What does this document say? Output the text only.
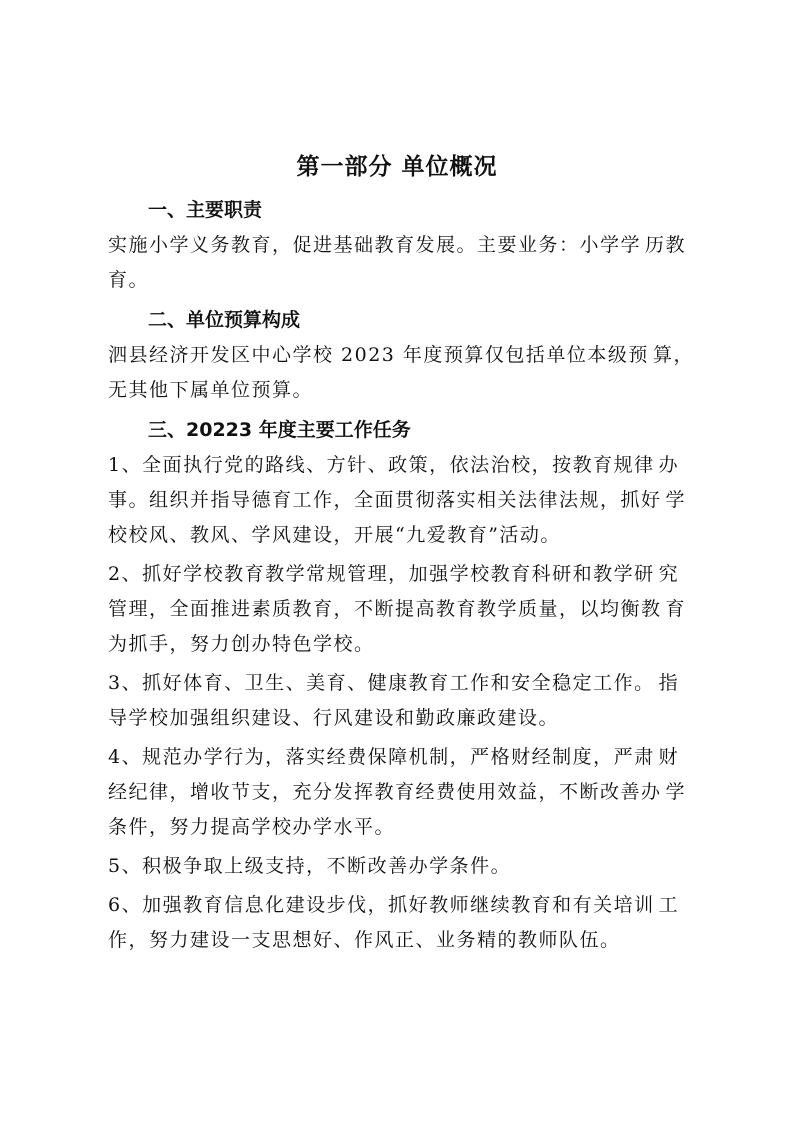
第一部分 单位概况
一、主要职责
实施小学义务教育，促进基础教育发展。主要业务：小学学 历教育。
二、单位预算构成
泗县经济开发区中心学校 2023 年度预算仅包括单位本级预 算，无其他下属单位预算。
三、20223 年度主要工作任务
1、全面执行党的路线、方针、政策，依法治校，按教育规律 办事。组织并指导德育工作，全面贯彻落实相关法律法规，抓好 学校校风、教风、学风建设，开展“九爱教育”活动。
2、抓好学校教育教学常规管理，加强学校教育科研和教学研 究管理，全面推进素质教育，不断提高教育教学质量，以均衡教 育为抓手，努力创办特色学校。
3、抓好体育、卫生、美育、健康教育工作和安全稳定工作。 指导学校加强组织建设、行风建设和勤政廉政建设。
4、规范办学行为，落实经费保障机制，严格财经制度，严肃 财经纪律，增收节支，充分发挥教育经费使用效益，不断改善办 学条件，努力提高学校办学水平。
5、积极争取上级支持，不断改善办学条件。
6、加强教育信息化建设步伐，抓好教师继续教育和有关培训 工作，努力建设一支思想好、作风正、业务精的教师队伍。
